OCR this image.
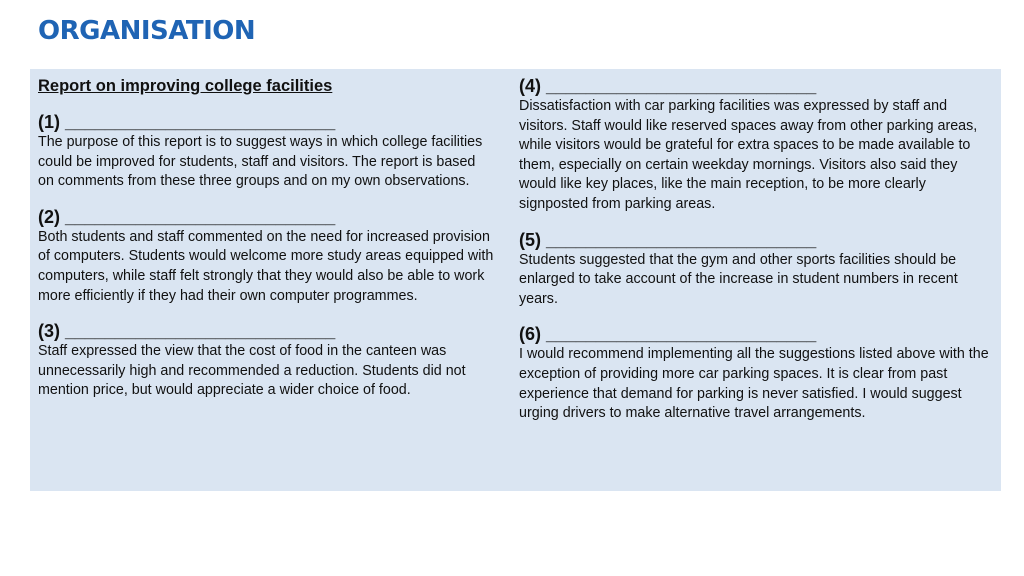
ORGANISATION
Report on improving college facilities
(1) ___________________________
The purpose of this report is to suggest ways in which college facilities could be improved for students, staff and visitors. The report is based on comments from these three groups and on my own observations.
(2) ___________________________
Both students and staff commented on the need for increased provision of computers. Students would welcome more study areas equipped with computers, while staff felt strongly that they would also be able to work more efficiently if they had their own computer programmes.
(3) ___________________________
Staff expressed the view that the cost of food in the canteen was unnecessarily high and recommended a reduction. Students did not mention price, but would appreciate a wider choice of food.
(4) ___________________________
Dissatisfaction with car parking facilities was expressed by staff and visitors. Staff would like reserved spaces away from other parking areas, while visitors would be grateful for extra spaces to be made available to them, especially on certain weekday mornings. Visitors also said they would like key places, like the main reception, to be more clearly signposted from parking areas.
(5) ___________________________
Students suggested that the gym and other sports facilities should be enlarged to take account of the increase in student numbers in recent years.
(6) ___________________________
I would recommend implementing all the suggestions listed above with the exception of providing more car parking spaces. It is clear from past experience that demand for parking is never satisfied. I would suggest urging drivers to make alternative travel arrangements.
